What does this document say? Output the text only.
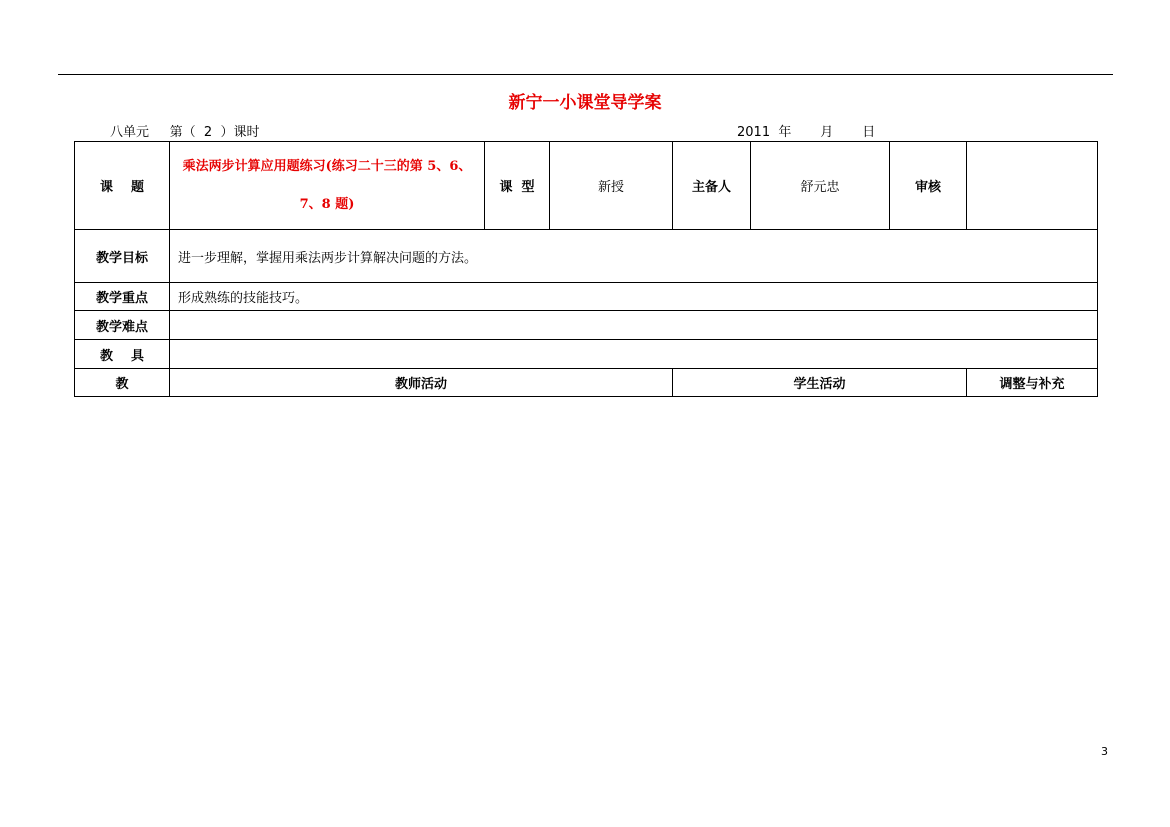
新宁一小课堂导学案
八单元     第（  2  ）课时	2011  年       月       日
课    题	乘法两步计算应用题练习(练习二十三的第 5、6、7、8 题)	课  型	新授	主备人	舒元忠	审核	
教学目标	进一步理解，掌握用乘法两步计算解决问题的方法。						
教学重点	形成熟练的技能技巧。						
教学难点							
教    具							
教	教师活动			学生活动			调整与补充
3
